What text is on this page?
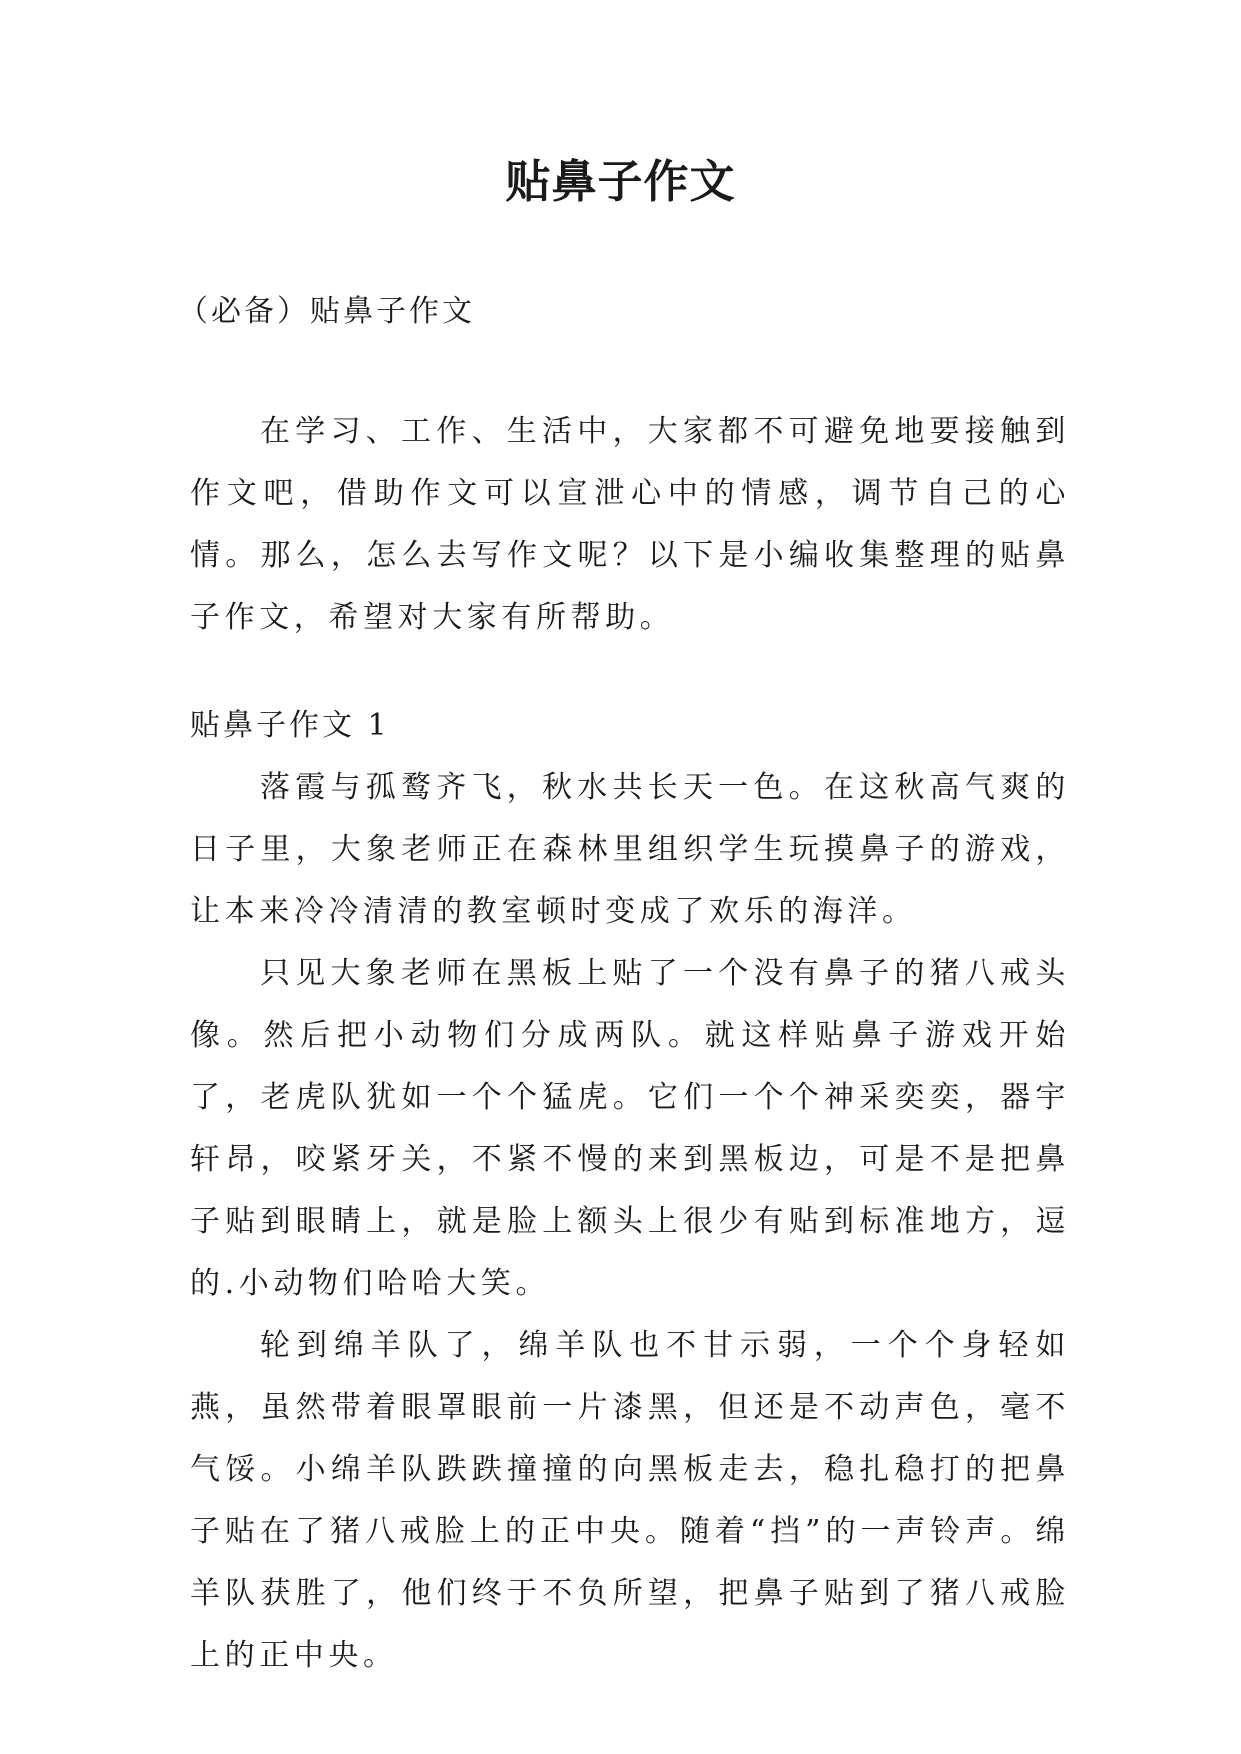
贴鼻子作文
（必备）贴鼻子作文
在学习、工作、生活中，大家都不可避免地要接触到作文吧，借助作文可以宣泄心中的情感，调节自己的心情。那么，怎么去写作文呢？以下是小编收集整理的贴鼻子作文，希望对大家有所帮助。

贴鼻子作文 1

落霞与孤鹜齐飞，秋水共长天一色。在这秋高气爽的日子里，大象老师正在森林里组织学生玩摸鼻子的游戏，让本来冷冷清清的教室顿时变成了欢乐的海洋。

只见大象老师在黑板上贴了一个没有鼻子的猪八戒头像。然后把小动物们分成两队。就这样贴鼻子游戏开始了，老虎队犹如一个个猛虎。它们一个个神采奕奕，器宇轩昂，咬紧牙关，不紧不慢的来到黑板边，可是不是把鼻子贴到眼睛上，就是脸上额头上很少有贴到标准地方，逗的.小动物们哈哈大笑。

轮到绵羊队了，绵羊队也不甘示弱，一个个身轻如燕，虽然带着眼罩眼前一片漆黑，但还是不动声色，毫不气馁。小绵羊队跌跌撞撞的向黑板走去，稳扎稳打的把鼻子贴在了猪八戒脸上的正中央。随着“挡”的一声铃声。绵羊队获胜了，他们终于不负所望，把鼻子贴到了猪八戒脸上的正中央。
